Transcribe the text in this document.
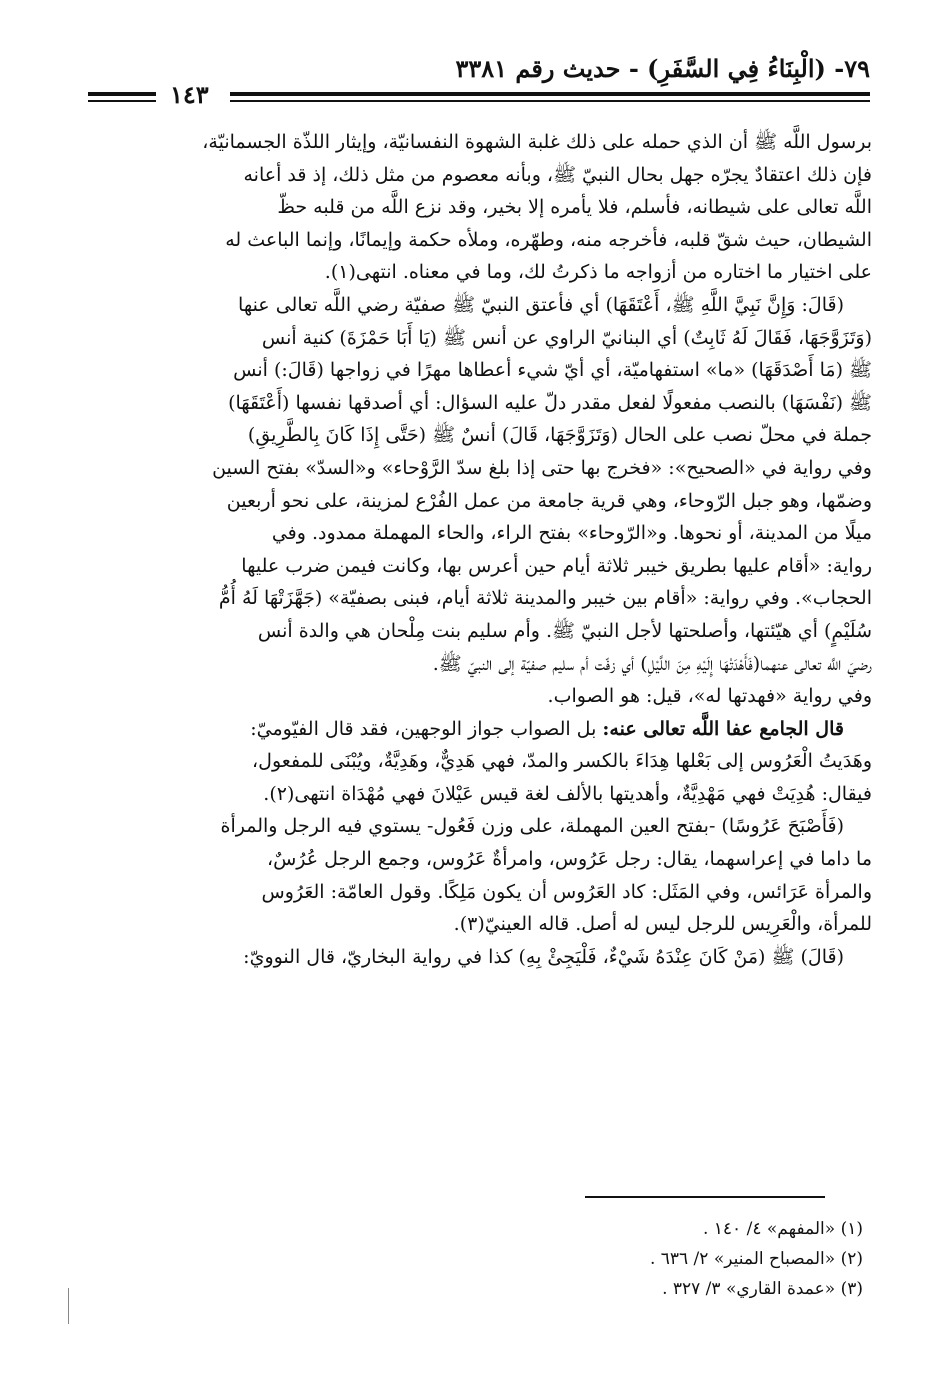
٧٩- (الْبِنَاءُ فِي السَّفَرِ) - حديث رقم ٣٣٨١
١٤٣

برسول اللَّه ﷺ أن الذي حمله على ذلك غلبة الشهوة النفسانيّة، وإيثار اللذّة الجسمانيّة،

فإن ذلك اعتقادٌ يجرّه جهل بحال النبيّ ﷺ، وبأنه معصوم من مثل ذلك، إذ قد أعانه

اللَّه تعالى على شيطانه، فأسلم، فلا يأمره إلا بخير، وقد نزع اللَّه من قلبه حظّ

الشيطان، حيث شقّ قلبه، فأخرجه منه، وطهّره، وملأه حكمة وإيمانًا، وإنما الباعث له

على اختيار ما اختاره من أزواجه ما ذكرتُ لك، وما في معناه. انتهى(١).

(قَالَ: وَإِنَّ نَبِيَّ اللَّهِ ﷺ، أَعْتَقَهَا) أي فأعتق النبيّ ﷺ صفيّة رضي اللَّه تعالى عنها

(وَتَزَوَّجَهَا، فَقَالَ لَهُ ثَابِتٌ) أي البنانيّ الراوي عن أنس ﷺ (يَا أَبَا حَمْزَةَ) كنية أنس

ﷺ (مَا أَصْدَقَهَا) «ما» استفهاميّة، أي أيّ شيء أعطاها مهرًا في زواجها (قَالَ:) أنس

ﷺ (نَفْسَهَا) بالنصب مفعولًا لفعل مقدر دلّ عليه السؤال: أي أصدقها نفسها (أَعْتَقَهَا)

جملة في محلّ نصب على الحال (وَتَزَوَّجَهَا، قَالَ) أنسٌ ﷺ (حَتَّى إِذَا كَانَ بِالطَّرِيقِ)

وفي رواية في «الصحيح»: «فخرج بها حتى إذا بلغ سدّ الرَّوْحاء» و«السدّ» بفتح السين

وضمّها، وهو جبل الرّوحاء، وهي قرية جامعة من عمل الفُرْع لمزينة، على نحو أربعين

ميلًا من المدينة، أو نحوها. و«الرّوحاء» بفتح الراء، والحاء المهملة ممدود. وفي

رواية: «أقام عليها بطريق خيبر ثلاثة أيام حين أعرس بها، وكانت فيمن ضرب عليها

الحجاب». وفي رواية: «أقام بين خيبر والمدينة ثلاثة أيام، فبنى بصفيّة» (جَهَّزَتْهَا لَهُ أُمُّ

سُلَيْمٍ) أي هيّئتها، وأصلحتها لأجل النبيّ ﷺ. وأم سليم بنت مِلْحان هي والدة أنس

رضيَ اللَّه تعالى عنهما(فَأَهْدَتْهَا إِلَيْهِ مِنَ اللَّيْلِ) أي زفّت أم سليم صفيّة إلى النبيّ ﷺ.

وفي رواية «فهدتها له»، قيل: هو الصواب.

قال الجامع عفا اللَّه تعالى عنه: بل الصواب جواز الوجهين، فقد قال الفيّوميّ:

وهَدَيتُ الْعَرُوس إلى بَعْلها هِدَاءَ بالكسر والمدّ، فهي هَدِيٌّ، وهَدِيَّةٌ، ويُبْنَى للمفعول،

فيقال: هُدِيَتْ فهي مَهْدِيَّةٌ، وأهديتها بالألف لغة قيس عَيْلانَ فهي مُهْدَاة انتهى(٢).

(فَأَصْبَحَ عَرُوسًا) -بفتح العين المهملة، على وزن فَعُول- يستوي فيه الرجل والمرأة

ما داما في إعراسهما، يقال: رجل عَرُوس، وامرأةٌ عَرُوس، وجمع الرجل عُرُسٌ،

والمرأة عَرَائس، وفي المَثَل: كاد العَرُوس أن يكون مَلِكًا. وقول العامّة: العَرُوس

للمرأة، والْعَرِيس للرجل ليس له أصل. قاله العينيّ(٣).

(قَالَ) ﷺ (مَنْ كَانَ عِنْدَهُ شَيْءٌ، فَلْيَجِئْ بِهِ) كذا في رواية البخاريّ، قال النوويّ:

(١) «المفهم» ٤/ ١٤٠ .
(٢) «المصباح المنير» ٢/ ٦٣٦ .
(٣) «عمدة القاري» ٣/ ٣٢٧ .
